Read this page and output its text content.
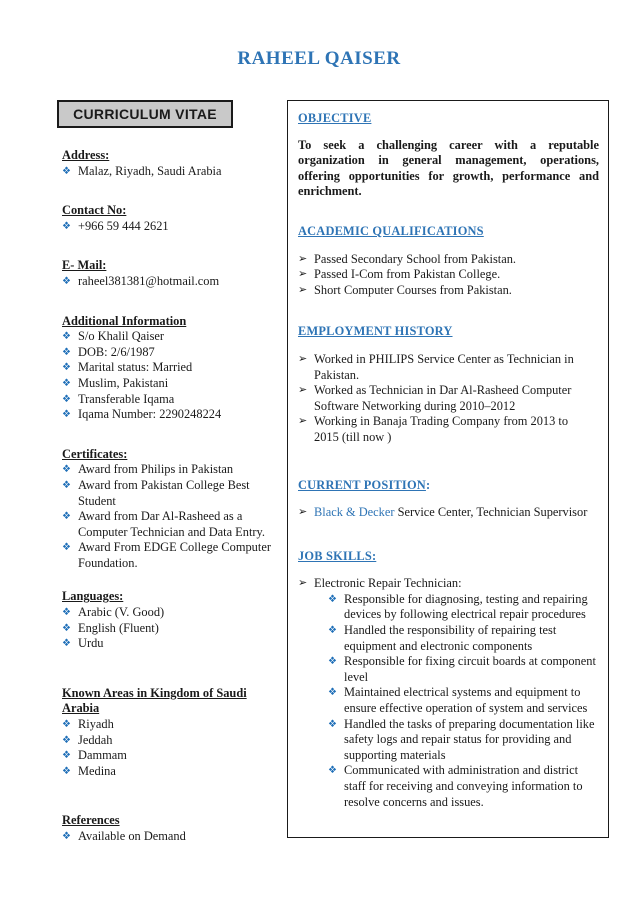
RAHEEL QAISER
CURRICULUM VITAE
Address:
❖ Malaz, Riyadh, Saudi Arabia
Contact No:
❖ +966 59 444 2621
E- Mail:
❖ raheel381381@hotmail.com
Additional Information
❖ S/o Khalil Qaiser
❖ DOB: 2/6/1987
❖ Marital status: Married
❖ Muslim, Pakistani
❖ Transferable Iqama
❖ Iqama Number: 2290248224
Certificates:
❖ Award from Philips in Pakistan
❖ Award from Pakistan College Best Student
❖ Award from Dar Al-Rasheed as a Computer Technician and Data Entry.
❖ Award From EDGE College Computer Foundation.
Languages:
❖ Arabic (V. Good)
❖ English (Fluent)
❖ Urdu
Known Areas in Kingdom of Saudi Arabia
❖ Riyadh
❖ Jeddah
❖ Dammam
❖ Medina
References
❖ Available on Demand
OBJECTIVE
To seek a challenging career with a reputable organization in general management, operations, offering opportunities for growth, performance and enrichment.
ACADEMIC QUALIFICATIONS
➢ Passed Secondary School from Pakistan.
➢ Passed I-Com from Pakistan College.
➢ Short Computer Courses from Pakistan.
EMPLOYMENT HISTORY
➢ Worked in PHILIPS Service Center as Technician in Pakistan.
➢ Worked as Technician in Dar Al-Rasheed Computer Software Networking during 2010–2012
➢ Working in Banaja Trading Company from 2013 to 2015 (till now )
CURRENT POSITION:
➢ Black & Decker Service Center, Technician Supervisor
JOB SKILLS:
➢ Electronic Repair Technician:
❖ Responsible for diagnosing, testing and repairing devices by following electrical repair procedures
❖ Handled the responsibility of repairing test equipment and electronic components
❖ Responsible for fixing circuit boards at component level
❖ Maintained electrical systems and equipment to ensure effective operation of system and services
❖ Handled the tasks of preparing documentation like safety logs and repair status for providing and supporting materials
❖ Communicated with administration and district staff for receiving and conveying information to resolve concerns and issues.
